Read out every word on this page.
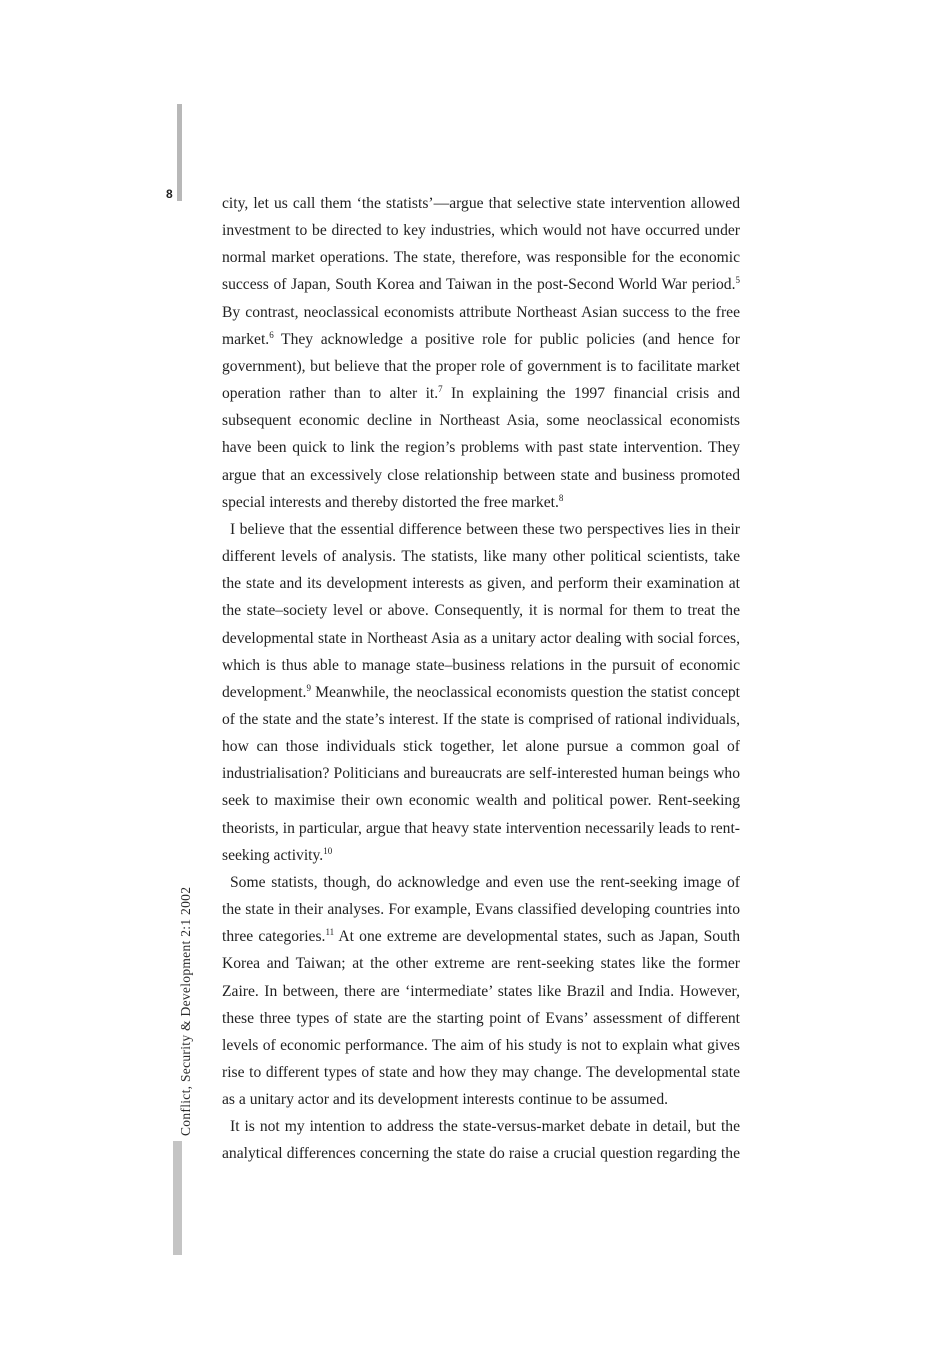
8
Conflict, Security & Development 2:1 2002

city, let us call them ‘the statists’—argue that selective state intervention allowed investment to be directed to key industries, which would not have occurred under normal market operations. The state, therefore, was responsible for the economic success of Japan, South Korea and Taiwan in the post-Second World War period.$^5$ By contrast, neoclassical economists attribute Northeast Asian success to the free market.$^6$ They acknowledge a positive role for public policies (and hence for government), but believe that the proper role of government is to facilitate market operation rather than to alter it.$^7$ In explaining the 1997 financial crisis and subsequent economic decline in Northeast Asia, some neoclassical economists have been quick to link the region’s problems with past state intervention. They argue that an excessively close relationship between state and business promoted special interests and thereby distorted the free market.$^8$

I believe that the essential difference between these two perspectives lies in their different levels of analysis. The statists, like many other political scientists, take the state and its development interests as given, and perform their examination at the state–society level or above. Consequently, it is normal for them to treat the developmental state in Northeast Asia as a unitary actor dealing with social forces, which is thus able to manage state–business relations in the pursuit of economic development.$^9$ Meanwhile, the neoclassical economists question the statist concept of the state and the state’s interest. If the state is comprised of rational individuals, how can those individuals stick together, let alone pursue a common goal of industrialisation? Politicians and bureaucrats are self-interested human beings who seek to maximise their own economic wealth and political power. Rent-seeking theorists, in particular, argue that heavy state intervention necessarily leads to rent-seeking activity.$^{10}$

Some statists, though, do acknowledge and even use the rent-seeking image of the state in their analyses. For example, Evans classified developing countries into three categories.$^{11}$ At one extreme are developmental states, such as Japan, South Korea and Taiwan; at the other extreme are rent-seeking states like the former Zaire. In between, there are ‘intermediate’ states like Brazil and India. However, these three types of state are the starting point of Evans’ assessment of different levels of economic performance. The aim of his study is not to explain what gives rise to different types of state and how they may change. The developmental state as a unitary actor and its development interests continue to be assumed.

It is not my intention to address the state-versus-market debate in detail, but the analytical differences concerning the state do raise a crucial question regarding the
